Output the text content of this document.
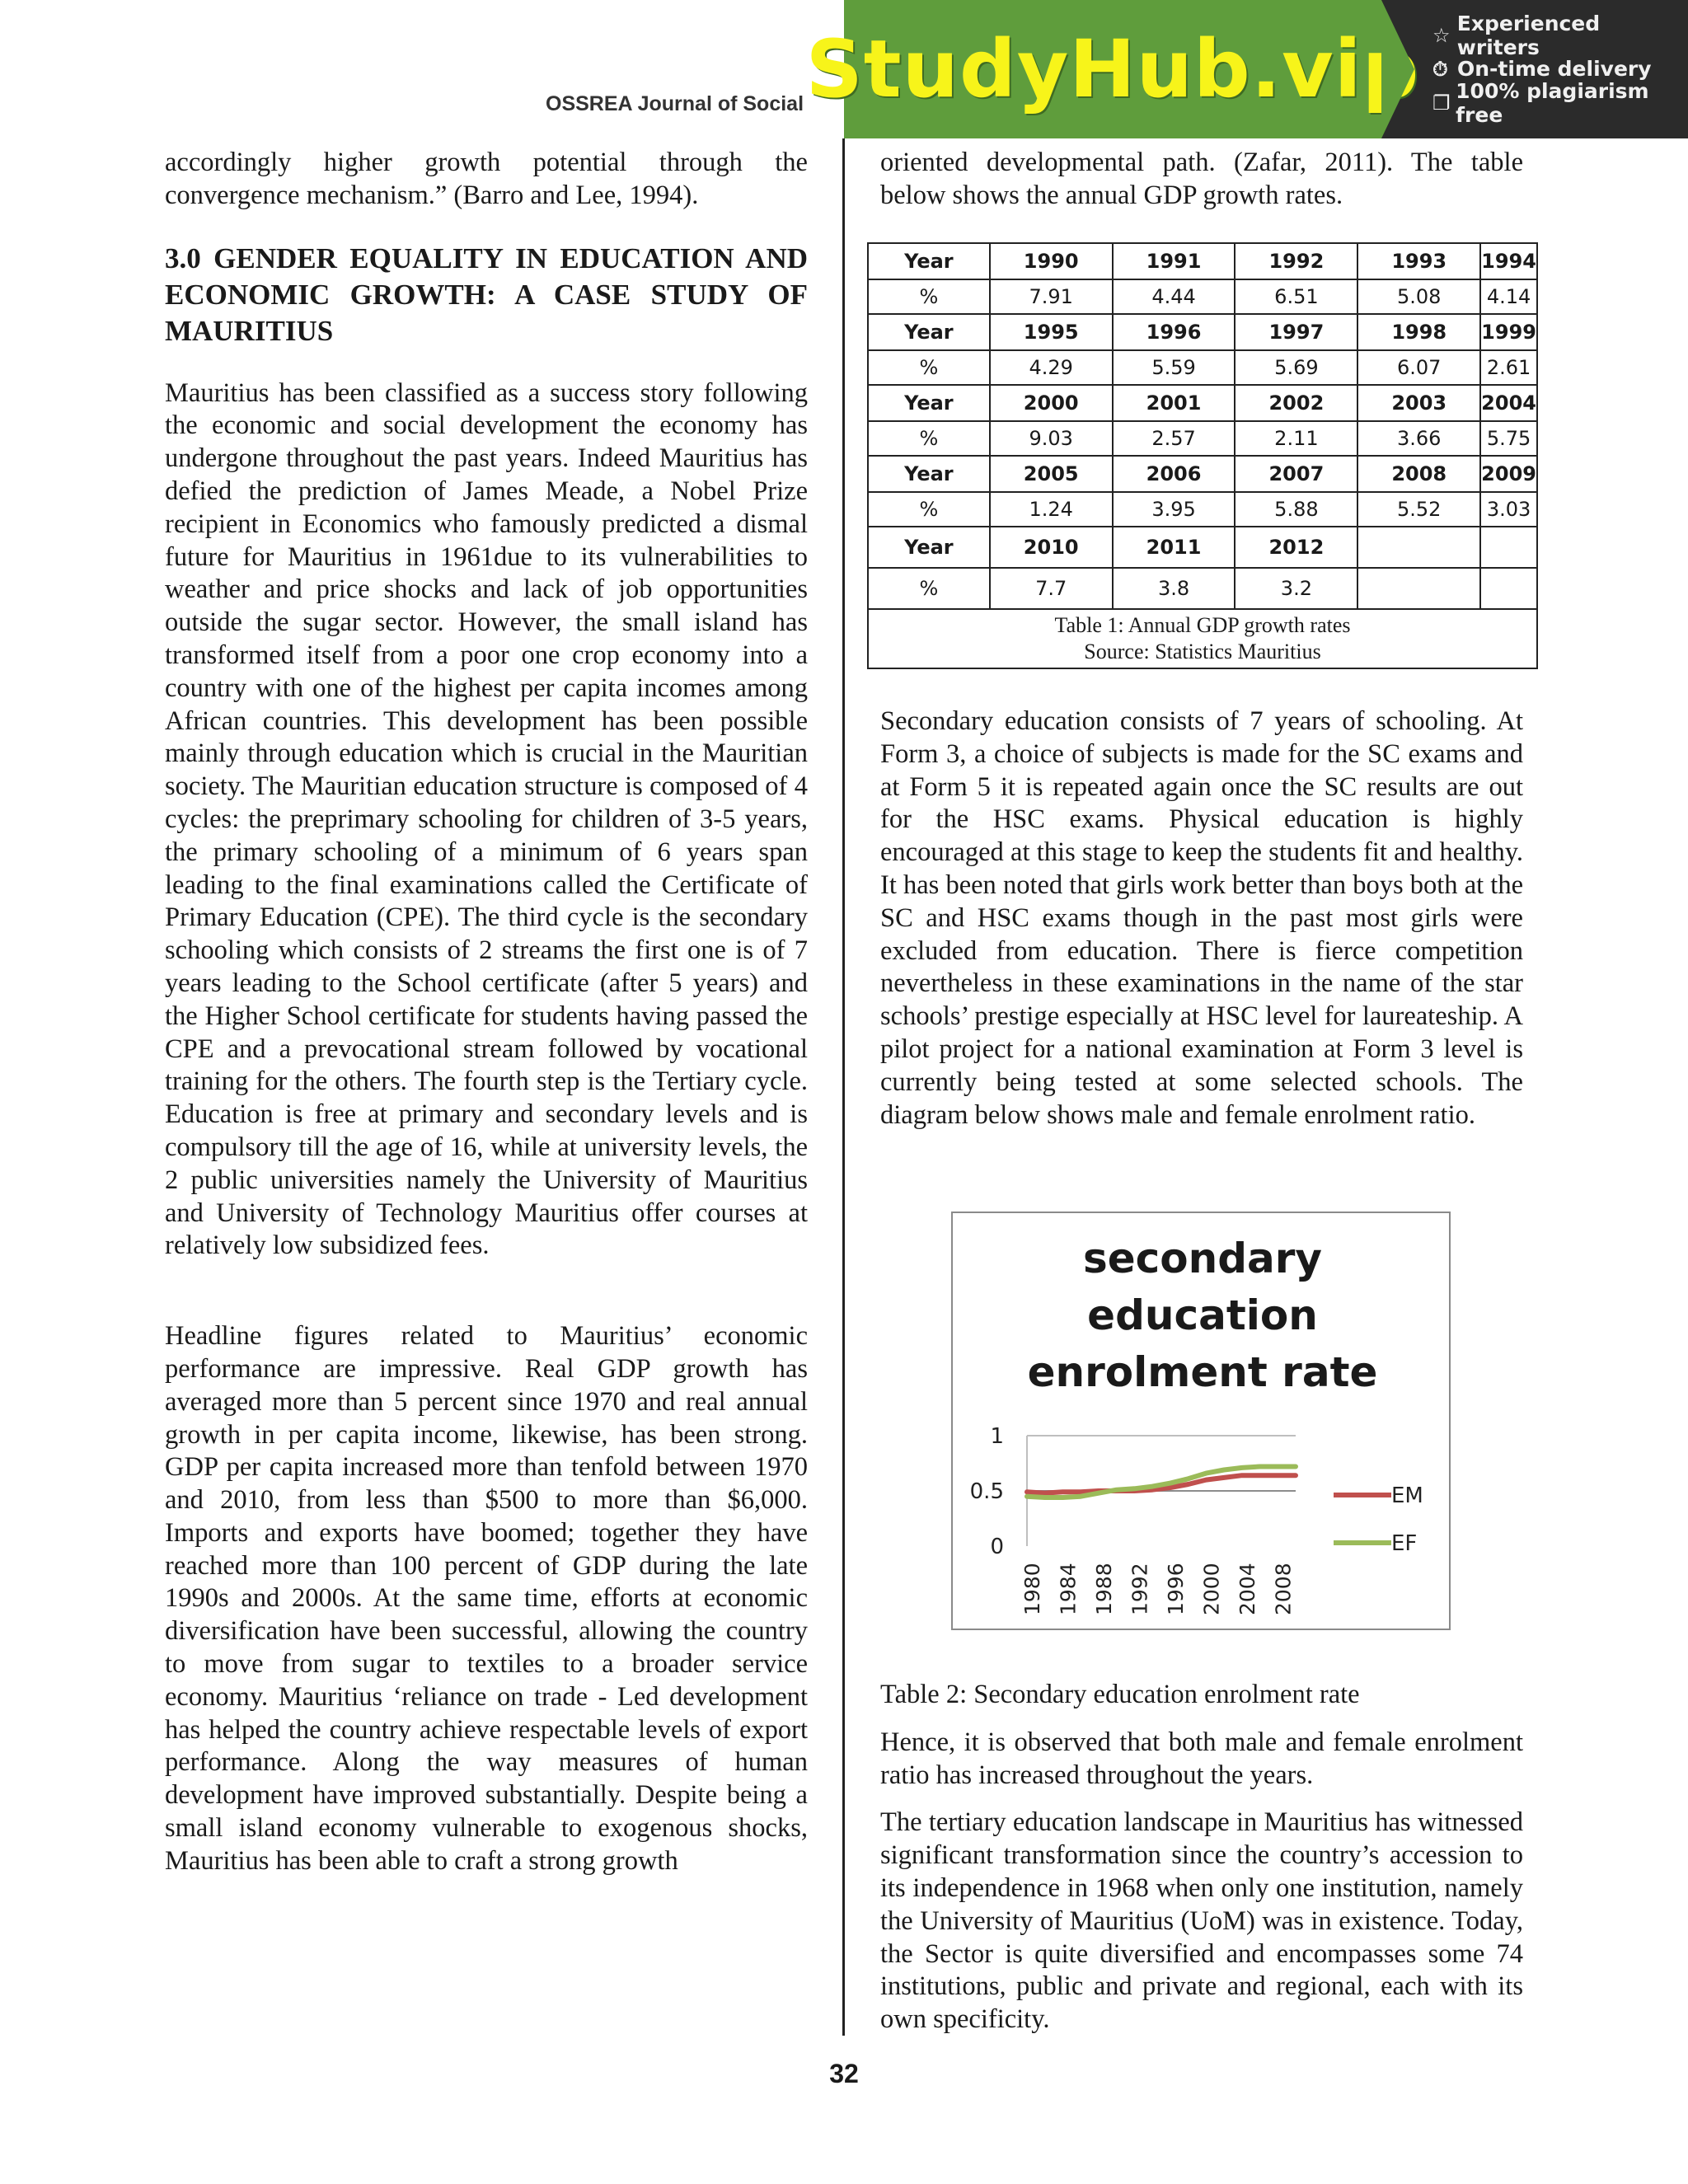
OSSREA Journal of Social StudyHub.vip ☆ Experienced writers
⏱ On-time delivery
❐ 100% plagiarism free

accordingly higher growth potential through the convergence mechanism.” (Barro and Lee, 1994).

3.0 GENDER EQUALITY IN EDUCATION AND ECONOMIC GROWTH: A CASE STUDY OF MAURITIUS

Mauritius has been classified as a success story following the economic and social development the economy has undergone throughout the past years. Indeed Mauritius has defied the prediction of James Meade, a Nobel Prize recipient in Economics who famously predicted a dismal future for Mauritius in 1961due to its vulnerabilities to weather and price shocks and lack of job opportunities outside the sugar sector. However, the small island has transformed itself from a poor one crop economy into a country with one of the highest per capita incomes among African countries. This development has been possible mainly through education which is crucial in the Mauritian society. The Mauritian education structure is composed of 4 cycles: the preprimary schooling for children of 3-5 years, the primary schooling of a minimum of 6 years span leading to the final examinations called the Certificate of Primary Education (CPE). The third cycle is the secondary schooling which consists of 2 streams the first one is of 7 years leading to the School certificate (after 5 years) and the Higher School certificate for students having passed the CPE and a prevocational stream followed by vocational training for the others. The fourth step is the Tertiary cycle. Education is free at primary and secondary levels and is compulsory till the age of 16, while at university levels, the 2 public universities namely the University of Mauritius and University of Technology Mauritius offer courses at relatively low subsidized fees.

Headline figures related to Mauritius’ economic performance are impressive. Real GDP growth has averaged more than 5 percent since 1970 and real annual growth in per capita income, likewise, has been strong. GDP per capita increased more than tenfold between 1970 and 2010, from less than $500 to more than $6,000. Imports and exports have boomed; together they have reached more than 100 percent of GDP during the late 1990s and 2000s. At the same time, efforts at economic diversification have been successful, allowing the country to move from sugar to textiles to a broader service economy. Mauritius ‘reliance on trade - Led development has helped the country achieve respectable levels of export performance. Along the way measures of human development have improved substantially. Despite being a small island economy vulnerable to exogenous shocks, Mauritius has been able to craft a strong growth

oriented developmental path. (Zafar, 2011). The table below shows the annual GDP growth rates.

Year	1990	1991	1992	1993	1994
%	7.91	4.44	6.51	5.08	4.14
Year	1995	1996	1997	1998	1999
%	4.29	5.59	5.69	6.07	2.61
Year	2000	2001	2002	2003	2004
%	9.03	2.57	2.11	3.66	5.75
Year	2005	2006	2007	2008	2009
%	1.24	3.95	5.88	5.52	3.03
Year	2010	2011	2012		
%	7.7	3.8	3.2		

Table 1: Annual GDP growth rates
Source: Statistics Mauritius					

Secondary education consists of 7 years of schooling. At Form 3, a choice of subjects is made for the SC exams and at Form 5 it is repeated again once the SC results are out for the HSC exams. Physical education is highly encouraged at this stage to keep the students fit and healthy. It has been noted that girls work better than boys both at the SC and HSC exams though in the past most girls were excluded from education. There is fierce competition nevertheless in these examinations in the name of the star schools’ prestige especially at HSC level for laureateship. A pilot project for a national examination at Form 3 level is currently being tested at some selected schools. The diagram below shows male and female enrolment ratio.

secondary
education
enrolment rate
1
0.5
0
1980 1984 1988 1992 1996 2000 2004 2008
EM
EF

Table 2: Secondary education enrolment rate

Hence, it is observed that both male and female enrolment ratio has increased throughout the years.

The tertiary education landscape in Mauritius has witnessed significant transformation since the country’s accession to its independence in 1968 when only one institution, namely the University of Mauritius (UoM) was in existence. Today, the Sector is quite diversified and encompasses some 74 institutions, public and private and regional, each with its own specificity.

32
